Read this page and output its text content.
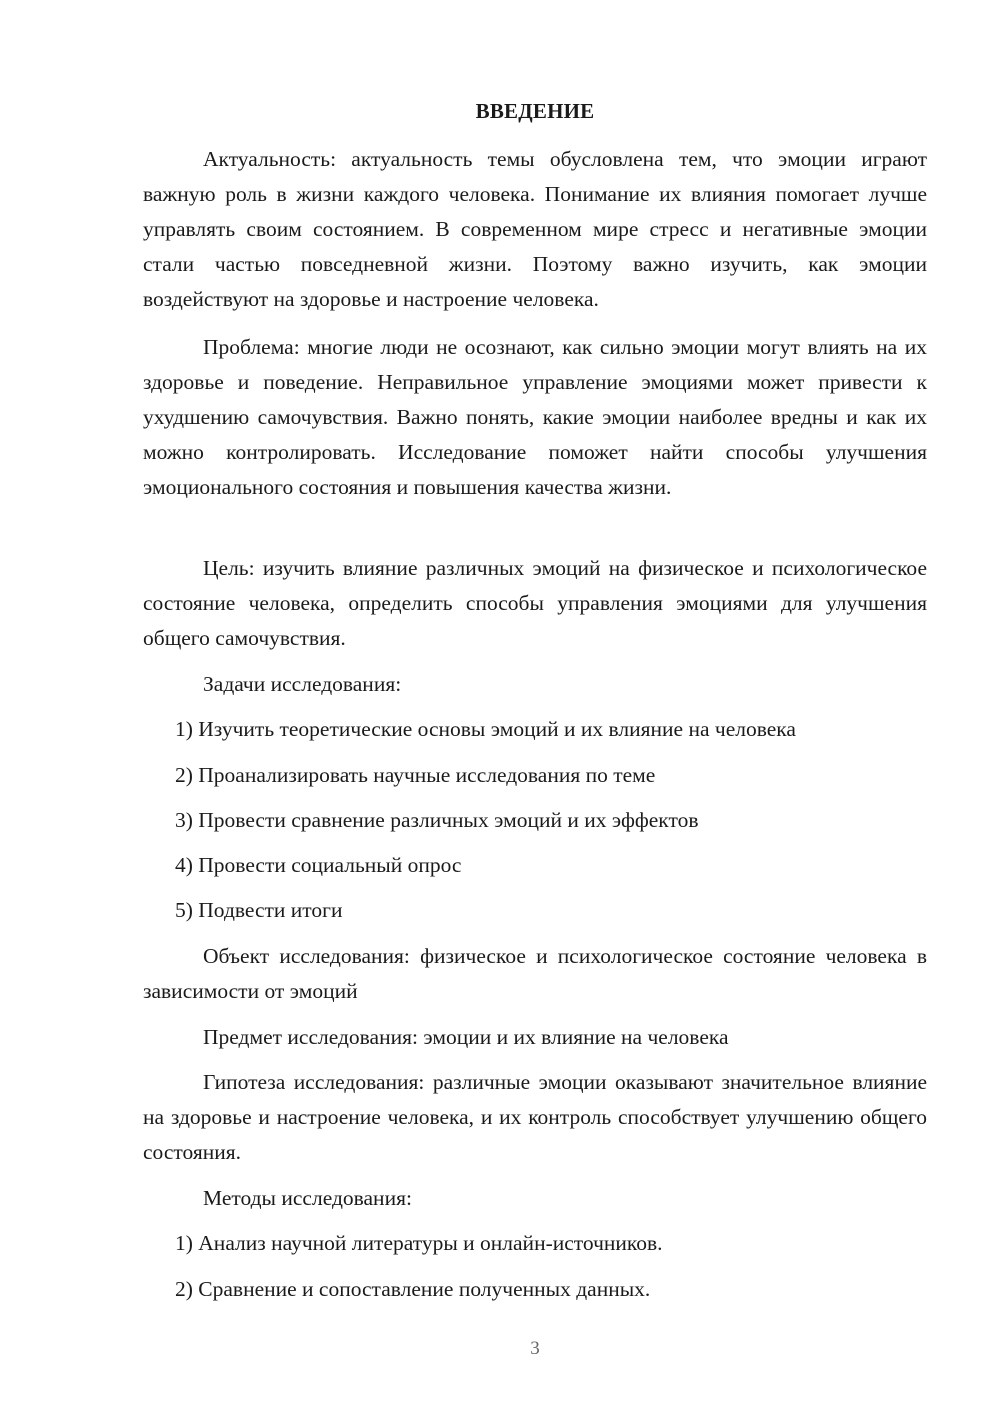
ВВЕДЕНИЕ

Актуальность: актуальность темы обусловлена тем, что эмоции играют важную роль в жизни каждого человека. Понимание их влияния помогает лучше управлять своим состоянием. В современном мире стресс и негативные эмоции стали частью повседневной жизни. Поэтому важно изучить, как эмоции воздействуют на здоровье и настроение человека.

Проблема: многие люди не осознают, как сильно эмоции могут влиять на их здоровье и поведение. Неправильное управление эмоциями может привести к ухудшению самочувствия. Важно понять, какие эмоции наиболее вредны и как их можно контролировать. Исследование поможет найти способы улучшения эмоционального состояния и повышения качества жизни.

Цель: изучить влияние различных эмоций на физическое и психологическое состояние человека, определить способы управления эмоциями для улучшения общего самочувствия.

Задачи исследования:

1) Изучить теоретические основы эмоций и их влияние на человека

2) Проанализировать научные исследования по теме

3) Провести сравнение различных эмоций и их эффектов

4) Провести социальный опрос

5) Подвести итоги

Объект исследования: физическое и психологическое состояние человека в зависимости от эмоций

Предмет исследования: эмоции и их влияние на человека

Гипотеза исследования: различные эмоции оказывают значительное влияние на здоровье и настроение человека, и их контроль способствует улучшению общего состояния.

Методы исследования:

1) Анализ научной литературы и онлайн-источников.

2) Сравнение и сопоставление полученных данных.

3
